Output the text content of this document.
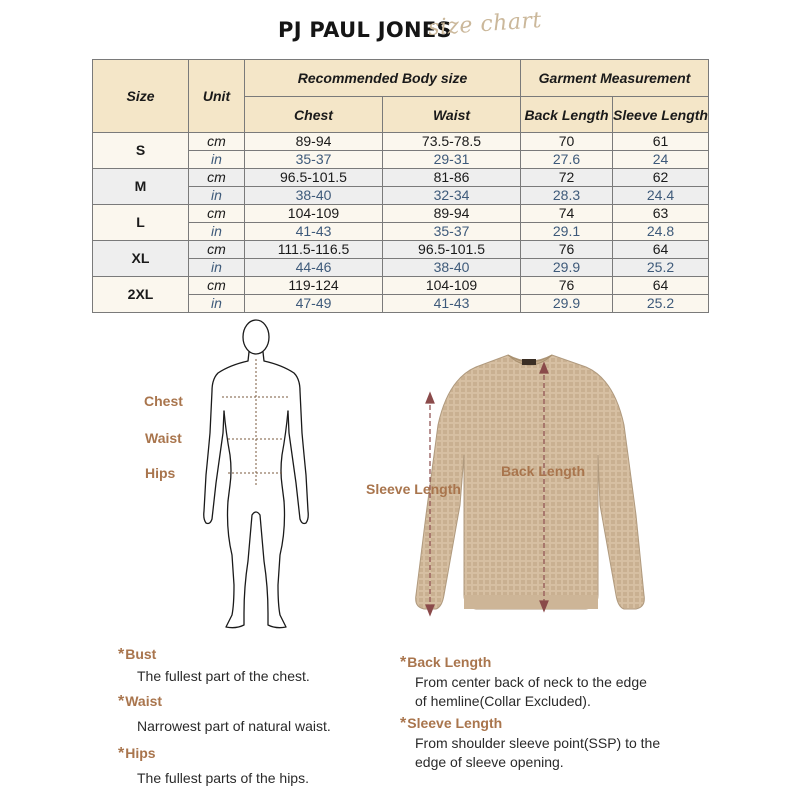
PJ PAUL JONES
size chart
Size	Unit	Recommended Body size		Garment Measurement	
		Chest	Waist	Back Length	Sleeve Length
S	cm	89-94	73.5-78.5	70	61
	in	35-37	29-31	27.6	24
M	cm	96.5-101.5	81-86	72	62
	in	38-40	32-34	28.3	24.4
L	cm	104-109	89-94	74	63
	in	41-43	35-37	29.1	24.8
XL	cm	111.5-116.5	96.5-101.5	76	64
	in	44-46	38-40	29.9	25.2
2XL	cm	119-124	104-109	76	64
	in	47-49	41-43	29.9	25.2
Chest
Waist
Hips	Back Length
Sleeve Length
*Bust
The fullest part of the chest.
*Waist
Narrowest part of natural waist.
*Hips
The fullest parts of the hips.
*Back Length
From center back of neck to the edge
of hemline(Collar Excluded).
*Sleeve Length
From shoulder sleeve point(SSP) to the
edge of sleeve opening.
